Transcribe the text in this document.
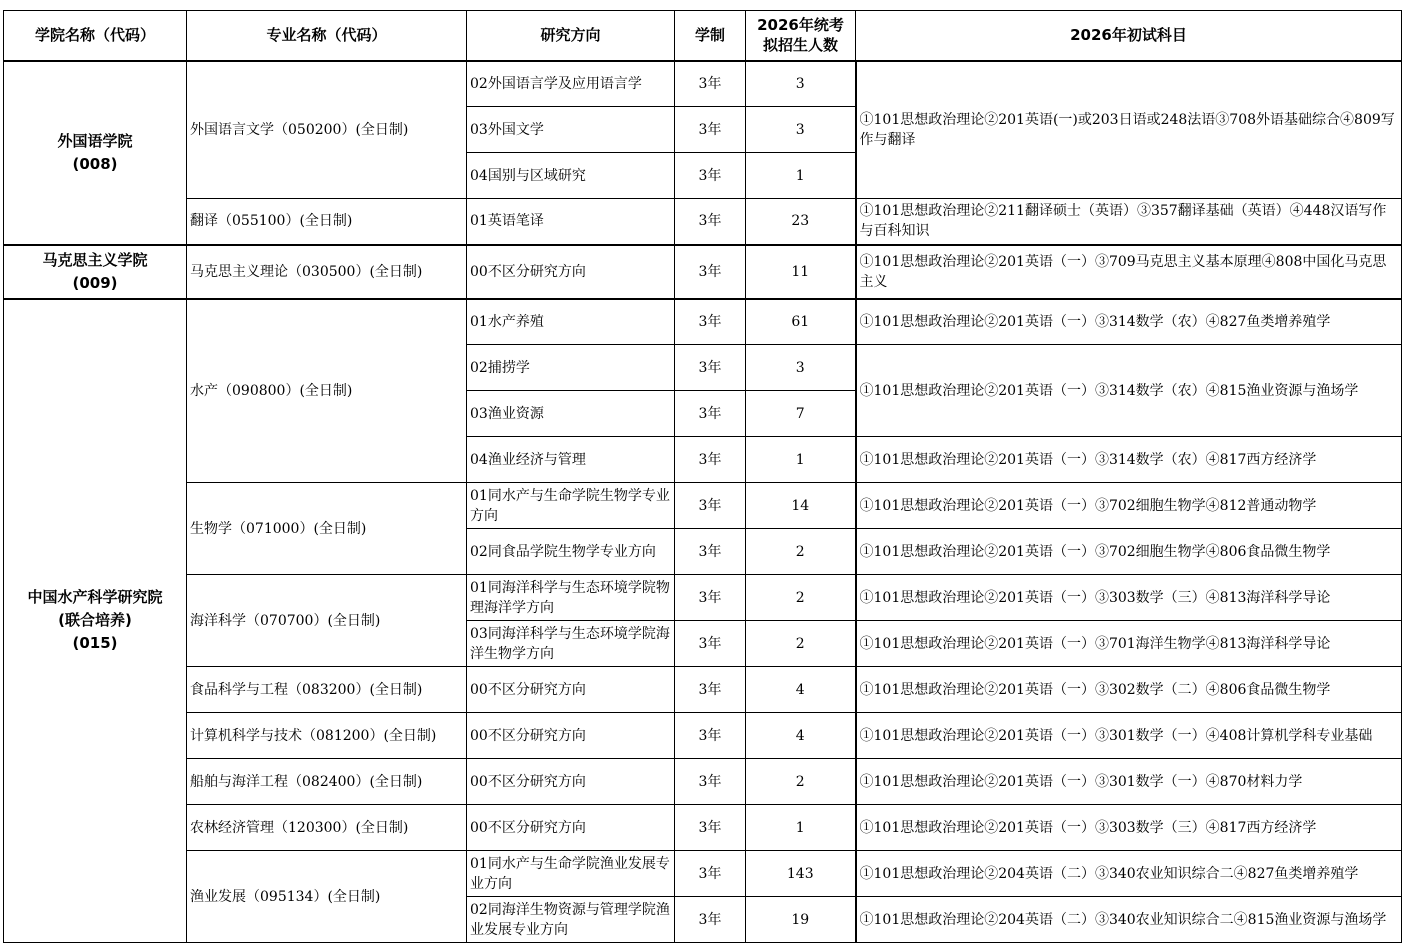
学院名称（代码）	专业名称（代码）	研究方向	学制	2026年统考
拟招生人数	2026年初试科目
外国语学院
(008)	外国语言文学（050200）(全日制)	02外国语言学及应用语言学	3年	3	①101思想政治理论②201英语(一)或203日语或248法语③708外语基础综合④809写作与翻译
		03外国文学	3年	3	
		04国别与区域研究	3年	1	
	翻译（055100）(全日制)	01英语笔译	3年	23	①101思想政治理论②211翻译硕士（英语）③357翻译基础（英语）④448汉语写作与百科知识
马克思主义学院
(009)	马克思主义理论（030500）(全日制)	00不区分研究方向	3年	11	①101思想政治理论②201英语（一）③709马克思主义基本原理④808中国化马克思主义
中国水产科学研究院
(联合培养)
(015)	水产（090800）(全日制)	01水产养殖	3年	61	①101思想政治理论②201英语（一）③314数学（农）④827鱼类增养殖学
		02捕捞学	3年	3	①101思想政治理论②201英语（一）③314数学（农）④815渔业资源与渔场学
		03渔业资源	3年	7	
		04渔业经济与管理	3年	1	①101思想政治理论②201英语（一）③314数学（农）④817西方经济学
	生物学（071000）(全日制)	01同水产与生命学院生物学专业方向	3年	14	①101思想政治理论②201英语（一）③702细胞生物学④812普通动物学
		02同食品学院生物学专业方向	3年	2	①101思想政治理论②201英语（一）③702细胞生物学④806食品微生物学
	海洋科学（070700）(全日制)	01同海洋科学与生态环境学院物理海洋学方向	3年	2	①101思想政治理论②201英语（一）③303数学（三）④813海洋科学导论
		03同海洋科学与生态环境学院海洋生物学方向	3年	2	①101思想政治理论②201英语（一）③701海洋生物学④813海洋科学导论
	食品科学与工程（083200）(全日制)	00不区分研究方向	3年	4	①101思想政治理论②201英语（一）③302数学（二）④806食品微生物学
	计算机科学与技术（081200）(全日制)	00不区分研究方向	3年	4	①101思想政治理论②201英语（一）③301数学（一）④408计算机学科专业基础
	船舶与海洋工程（082400）(全日制)	00不区分研究方向	3年	2	①101思想政治理论②201英语（一）③301数学（一）④870材料力学
	农林经济管理（120300）(全日制)	00不区分研究方向	3年	1	①101思想政治理论②201英语（一）③303数学（三）④817西方经济学
	渔业发展（095134）(全日制)	01同水产与生命学院渔业发展专业方向	3年	143	①101思想政治理论②204英语（二）③340农业知识综合二④827鱼类增养殖学
		02同海洋生物资源与管理学院渔业发展专业方向	3年	19	①101思想政治理论②204英语（二）③340农业知识综合二④815渔业资源与渔场学
